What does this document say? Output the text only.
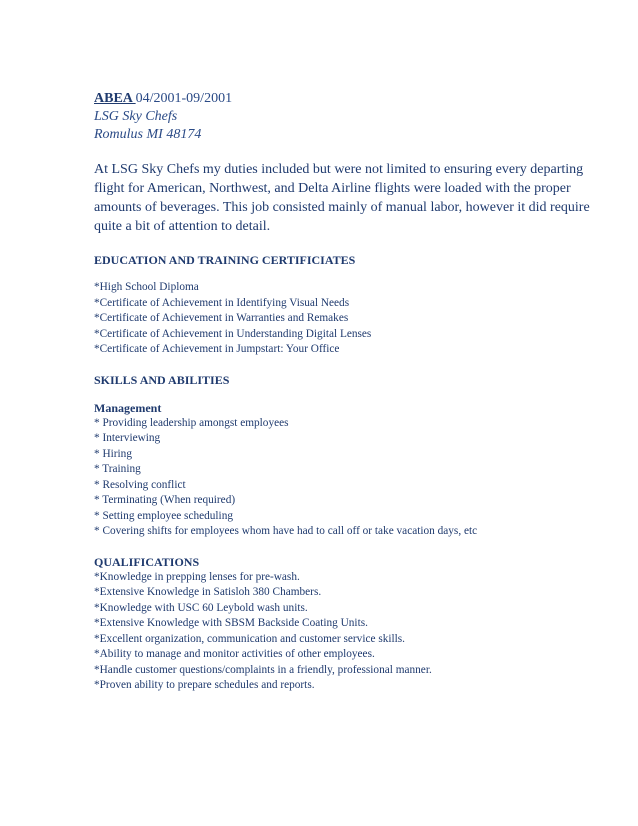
ABEA 04/2001-09/2001

LSG Sky Chefs

Romulus MI 48174

At LSG Sky Chefs my duties included but were not limited to ensuring every departing flight for American, Northwest, and Delta Airline flights were loaded with the proper amounts of beverages. This job consisted mainly of manual labor, however it did require quite a bit of attention to detail.

EDUCATION AND TRAINING CERTIFICIATES

*High School Diploma
*Certificate of Achievement in Identifying Visual Needs
*Certificate of Achievement in Warranties and Remakes
*Certificate of Achievement in Understanding Digital Lenses
*Certificate of Achievement in Jumpstart: Your Office

SKILLS AND ABILITIES

Management

* Providing leadership amongst employees
* Interviewing
* Hiring
* Training
* Resolving conflict
* Terminating (When required)
* Setting employee scheduling
* Covering shifts for employees whom have had to call off or take vacation days, etc

QUALIFICATIONS

*Knowledge in prepping lenses for pre-wash.
*Extensive Knowledge in Satisloh 380 Chambers.
*Knowledge with USC 60 Leybold wash units.
*Extensive Knowledge with SBSM Backside Coating Units.
*Excellent organization, communication and customer service skills.
*Ability to manage and monitor activities of other employees.
*Handle customer questions/complaints in a friendly, professional manner.
*Proven ability to prepare schedules and reports.
